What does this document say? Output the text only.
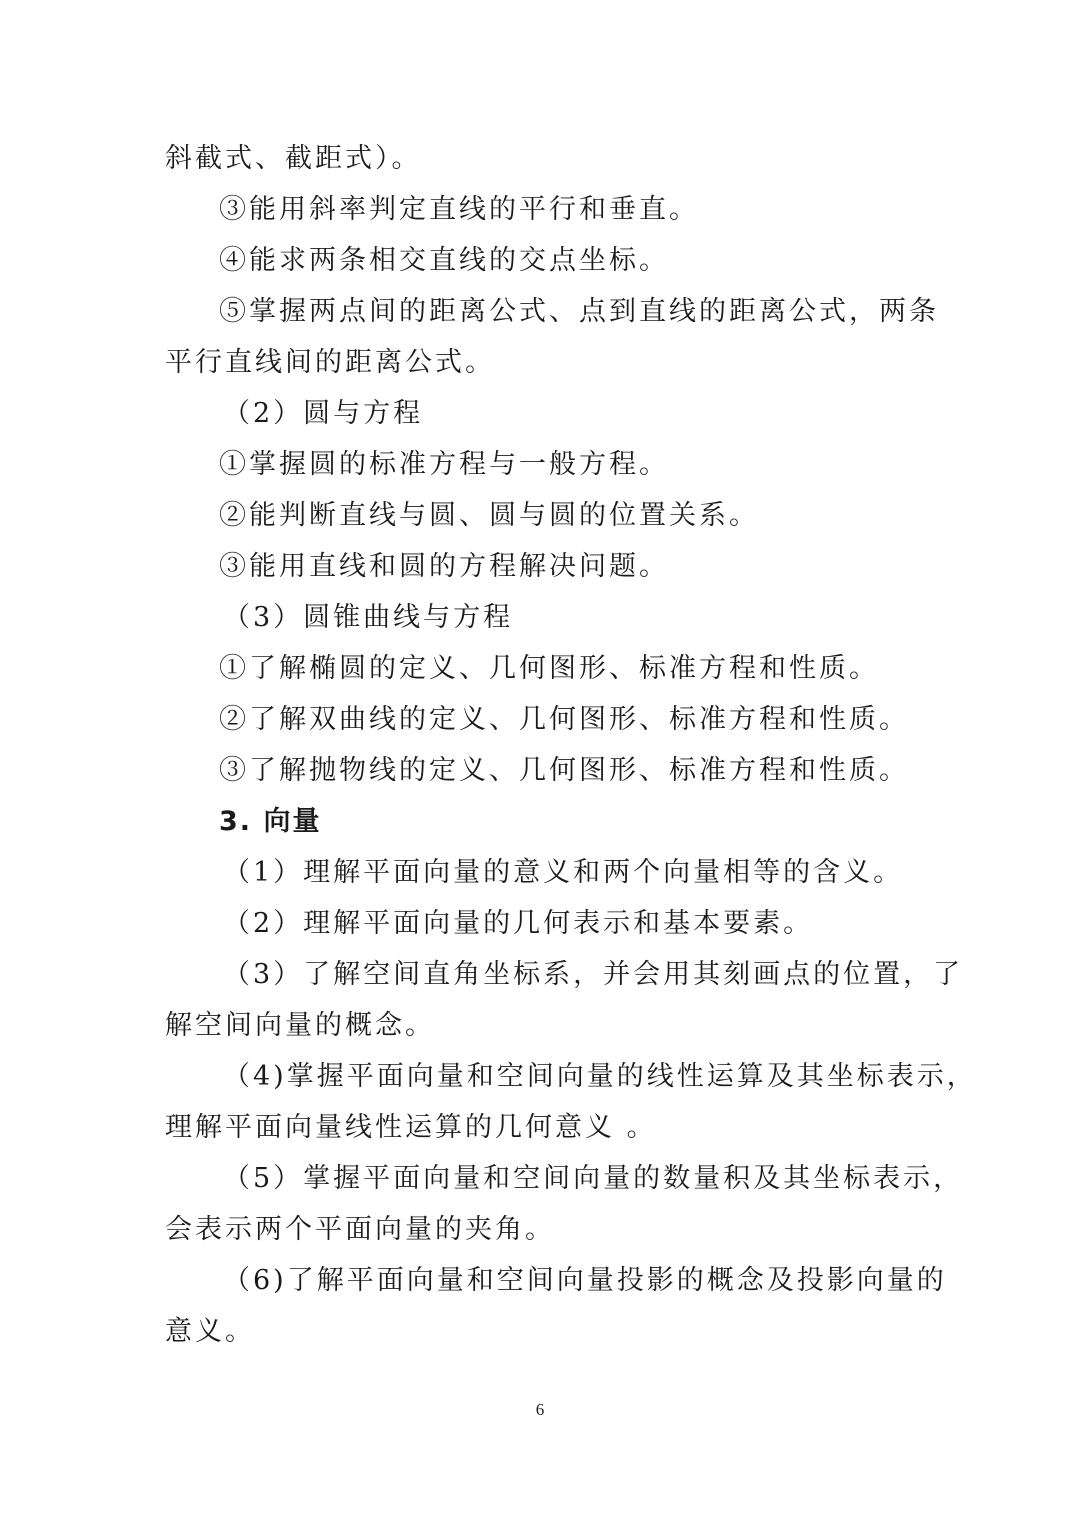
斜截式、截距式）。
③能用斜率判定直线的平行和垂直。
④能求两条相交直线的交点坐标。
⑤掌握两点间的距离公式、点到直线的距离公式，两条
平行直线间的距离公式。
（2）圆与方程
①掌握圆的标准方程与一般方程。
②能判断直线与圆、圆与圆的位置关系。
③能用直线和圆的方程解决问题。
（3）圆锥曲线与方程
①了解椭圆的定义、几何图形、标准方程和性质。
②了解双曲线的定义、几何图形、标准方程和性质。
③了解抛物线的定义、几何图形、标准方程和性质。
3. 向量
（1）理解平面向量的意义和两个向量相等的含义。
（2）理解平面向量的几何表示和基本要素。
（3）了解空间直角坐标系，并会用其刻画点的位置，了
解空间向量的概念。
（4)掌握平面向量和空间向量的线性运算及其坐标表示，
理解平面向量线性运算的几何意义 。
（5）掌握平面向量和空间向量的数量积及其坐标表示，
会表示两个平面向量的夹角。
（6)了解平面向量和空间向量投影的概念及投影向量的
意义。
6
